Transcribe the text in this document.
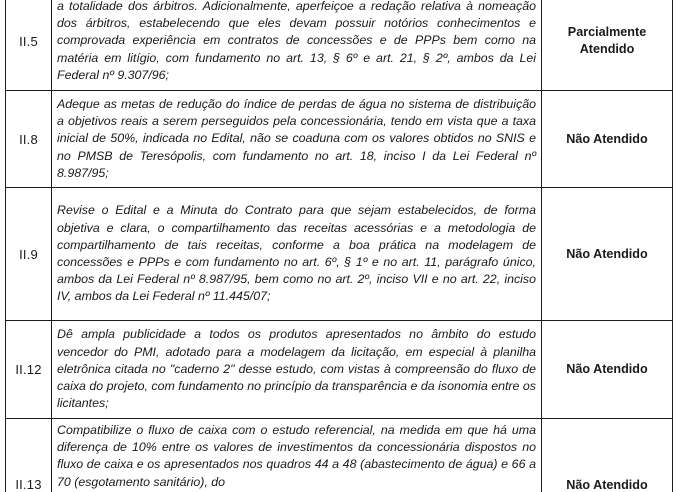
II.5	a totalidade dos árbitros. Adicionalmente, aperfeiçoe a redação relativa à nomeação dos árbitros, estabelecendo que eles devam possuir notórios conhecimentos e comprovada experiência em contratos de concessões e de PPPs bem como na matéria em litígio, com fundamento no art. 13, § 6º e art. 21, § 2º, ambos da Lei Federal nº 9.307/96;	Parcialmente Atendido
II.8	Adeque as metas de redução do índice de perdas de água no sistema de distribuição a objetivos reais a serem perseguidos pela concessionária, tendo em vista que a taxa inicial de 50%, indicada no Edital, não se coaduna com os valores obtidos no SNIS e no PMSB de Teresópolis, com fundamento no art. 18, inciso I da Lei Federal nº 8.987/95;	Não Atendido
II.9	Revise o Edital e a Minuta do Contrato para que sejam estabelecidos, de forma objetiva e clara, o compartilhamento das receitas acessórias e a metodologia de compartilhamento de tais receitas, conforme a boa prática na modelagem de concessões e PPPs e com fundamento no art. 6º, § 1º e no art. 11, parágrafo único, ambos da Lei Federal nº 8.987/95, bem como no art. 2º, inciso VII e no art. 22, inciso IV, ambos da Lei Federal nº 11.445/07;	Não Atendido
II.12	Dê ampla publicidade a todos os produtos apresentados no âmbito do estudo vencedor do PMI, adotado para a modelagem da licitação, em especial à planilha eletrônica citada no "caderno 2" desse estudo, com vistas à compreensão do fluxo de caixa do projeto, com fundamento no princípio da transparência e da isonomia entre os licitantes;	Não Atendido
II.13	Compatibilize o fluxo de caixa com o estudo referencial, na medida em que há uma diferença de 10% entre os valores de investimentos da concessionária dispostos no fluxo de caixa e os apresentados nos quadros 44 a 48 (abastecimento de água) e 66 a 70 (esgotamento sanitário), do	Não Atendido
